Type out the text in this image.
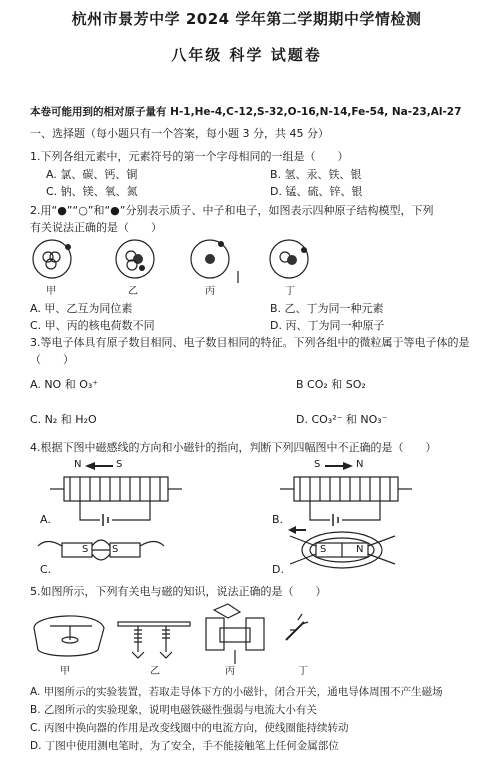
杭州市景芳中学 2024 学年第二学期期中学情检测
八年级 科学 试题卷
本卷可能用到的相对原子量有 H-1,He-4,C-12,S-32,O-16,N-14,Fe-54, Na-23,Al-27
一、选择题（每小题只有一个答案，每小题 3 分，共 45 分）
1.下列各组元素中，元素符号的第一个字母相同的一组是（　　）
A. 氯、碳、钙、铜	B. 氢、汞、铁、银
C. 钠、镁、氧、氮	D. 锰、硫、锌、银
2.用“●”“○”和“●”分别表示质子、中子和电子，如图表示四种原子结构模型，下列
有关说法正确的是（　　）
甲	乙	丙	丁
A. 甲、乙互为同位素	B. 乙、丁为同一种元素
C. 甲、丙的核电荷数不同	D. 丙、丁为同一种原子
3.等电子体具有原子数目相同、电子数目相同的特征。下列各组中的微粒属于等电子体的是
（　　）
A. NO 和 O₃⁺	B CO₂ 和 SO₂
C. N₂ 和 H₂O	D. CO₃²⁻ 和 NO₃⁻
4.根据下图中磁感线的方向和小磁针的指向，判断下列四幅图中不正确的是（　　）
S
N	S	N
S S	S	N
A.	B.
C.	D.
5.如图所示，下列有关电与磁的知识，说法正确的是（　　）
甲	乙	丙	丁
A. 甲图所示的实验装置，若取走导体下方的小磁针，闭合开关，通电导体周围不产生磁场
B. 乙图所示的实验现象，说明电磁铁磁性强弱与电流大小有关
C. 丙图中换向器的作用是改变线圈中的电流方向，使线圈能持续转动
D. 丁图中使用测电笔时，为了安全，手不能接触笔上任何金属部位
